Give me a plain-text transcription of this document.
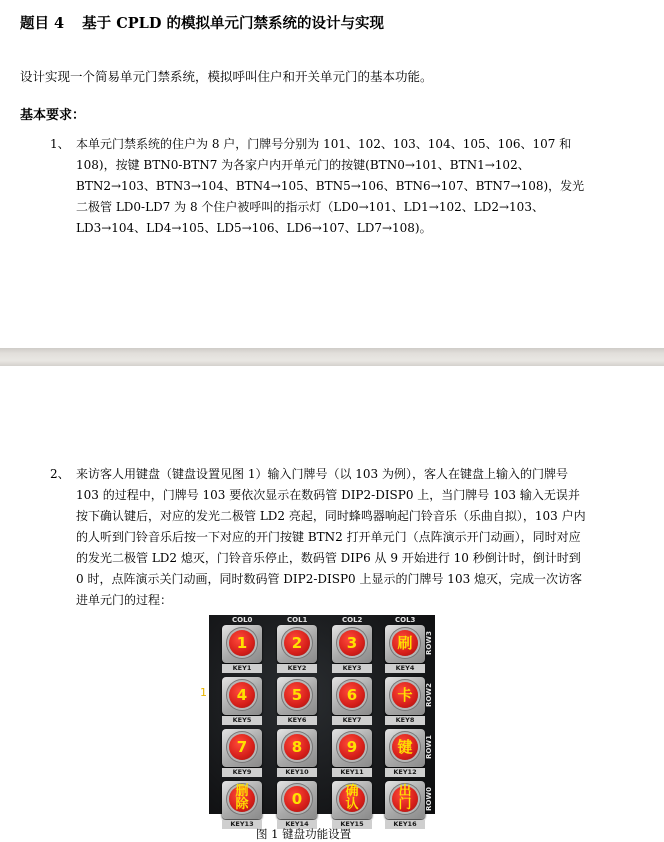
题目 4 基于 CPLD 的模拟单元门禁系统的设计与实现
设计实现一个简易单元门禁系统，模拟呼叫住户和开关单元门的基本功能。
基本要求：
1、 本单元门禁系统的住户为 8 户，门牌号分别为 101、102、103、104、105、106、107 和 108)，按键 BTN0-BTN7 为各家户内开单元门的按键(BTN0→101、BTN1→102、BTN2→103、BTN3→104、BTN4→105、BTN5→106、BTN6→107、BTN7→108)，发光二极管 LD0-LD7 为 8 个住户被呼叫的指示灯（LD0→101、LD1→102、LD2→103、LD3→104、LD4→105、LD5→106、LD6→107、LD7→108)。
2、 来访客人用键盘（键盘设置见图 1）输入门牌号（以 103 为例），客人在键盘上输入的门牌号 103 的过程中，门牌号 103 要依次显示在数码管 DIP2-DISP0 上，当门牌号 103 输入无误并按下确认键后，对应的发光二极管 LD2 亮起，同时蜂鸣器响起门铃音乐（乐曲自拟），103 户内的人听到门铃音乐后按一下对应的开门按键 BTN2 打开单元门（点阵演示开门动画），同时对应的发光二极管 LD2 熄灭，门铃音乐停止，数码管 DIP6 从 9 开始进行 10 秒倒计时，倒计时到 0 时，点阵演示关门动画，同时数码管 DIP2-DISP0 上显示的门牌号 103 熄灭，完成一次访客进单元门的过程：
COL0	COL1	COL2	COL3
ROW3
ROW2
ROW1
ROW0
1
KEY1
2
KEY2
3
KEY3
刷
KEY4
4
KEY5
5
KEY6
6
KEY7
卡
KEY8
7
KEY9
8
KEY10
9
KEY11
键
KEY12
删
除
KEY13
0
KEY14
确
认
KEY15
出
门
KEY16
1
图 1 键盘功能设置
